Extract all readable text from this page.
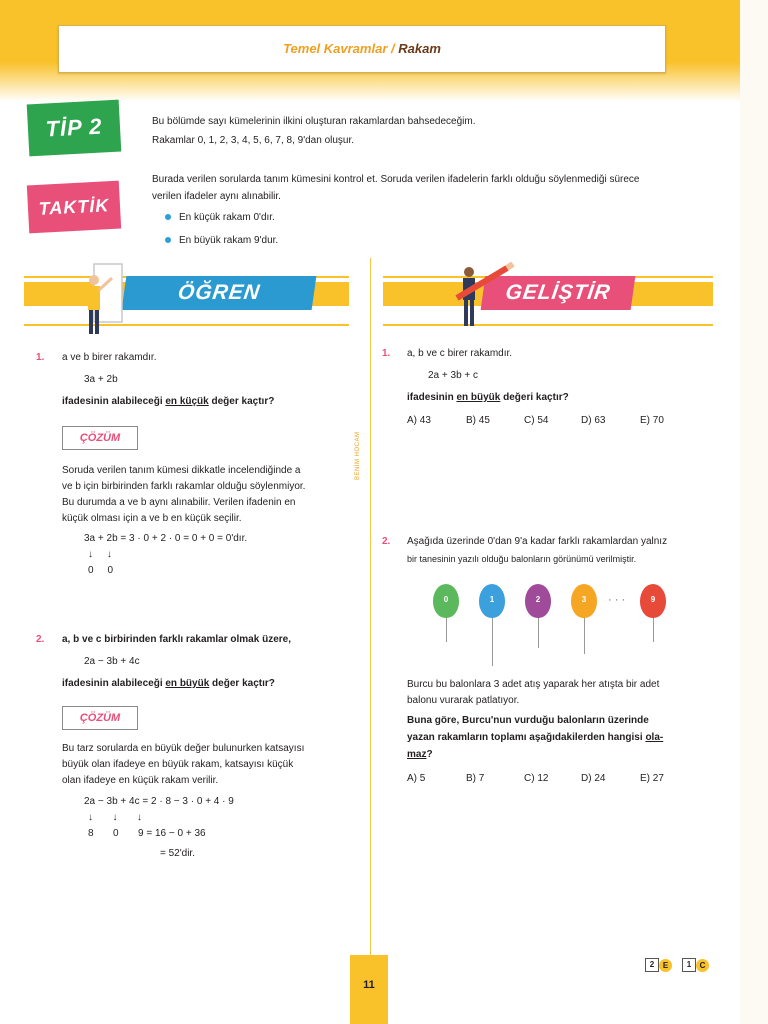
Temel Kavramlar / Rakam
TİP 2	Bu bölümde sayı kümelerinin ilkini oluşturan rakamlardan bahsedeceğim.
Rakamlar 0, 1, 2, 3, 4, 5, 6, 7, 8, 9'dan oluşur.
TAKTİK
Burada verilen sorularda tanım kümesini kontrol et. Soruda verilen ifadelerin farklı olduğu söylenmediği sürece
verilen ifadeler aynı alınabilir.
En küçük rakam 0'dır.
En büyük rakam 9'dur.
ÖĞREN	GELİŞTİR
BENİM HOCAM
1. a ve b birer rakamdır.
3a + 2b
ifadesinin alabileceği en küçük değer kaçtır?
ÇÖZÜM
Soruda verilen tanım kümesi dikkatle incelendiğinde a
ve b için birbirinden farklı rakamlar olduğu söylenmiyor.
Bu durumda a ve b aynı alınabilir. Verilen ifadenin en
küçük olması için a ve b en küçük seçilir.
3a + 2b = 3 · 0 + 2 · 0 = 0 + 0 = 0'dır.
↓     ↓
0     0
2. a, b ve c birbirinden farklı rakamlar olmak üzere,
2a − 3b + 4c
ifadesinin alabileceği en büyük değer kaçtır?
ÇÖZÜM
Bu tarz sorularda en büyük değer bulunurken katsayısı
büyük olan ifadeye en büyük rakam, katsayısı küçük
olan ifadeye en küçük rakam verilir.
2a − 3b + 4c = 2 · 8 − 3 · 0 + 4 · 9
↓       ↓       ↓
8       0       9 = 16 − 0 + 36
= 52'dir.
1. a, b ve c birer rakamdır.
2a + 3b + c
ifadesinin en büyük değeri kaçtır?
A) 43	B) 45	C) 54	D) 63	E) 70
2. Aşağıda üzerinde 0'dan 9'a kadar farklı rakamlardan yalnız
bir tanesinin yazılı olduğu balonların görünümü verilmiştir.
0	1	2	3	· · ·	9
Burcu bu balonlara 3 adet atış yaparak her atışta bir adet
balonu vurarak patlatıyor.
Buna göre, Burcu'nun vurduğu balonların üzerinde
yazan rakamların toplamı aşağıdakilerden hangisi ola-
maz?
A) 5	B) 7	C) 12	D) 24	E) 27
11
2 E	1 C
